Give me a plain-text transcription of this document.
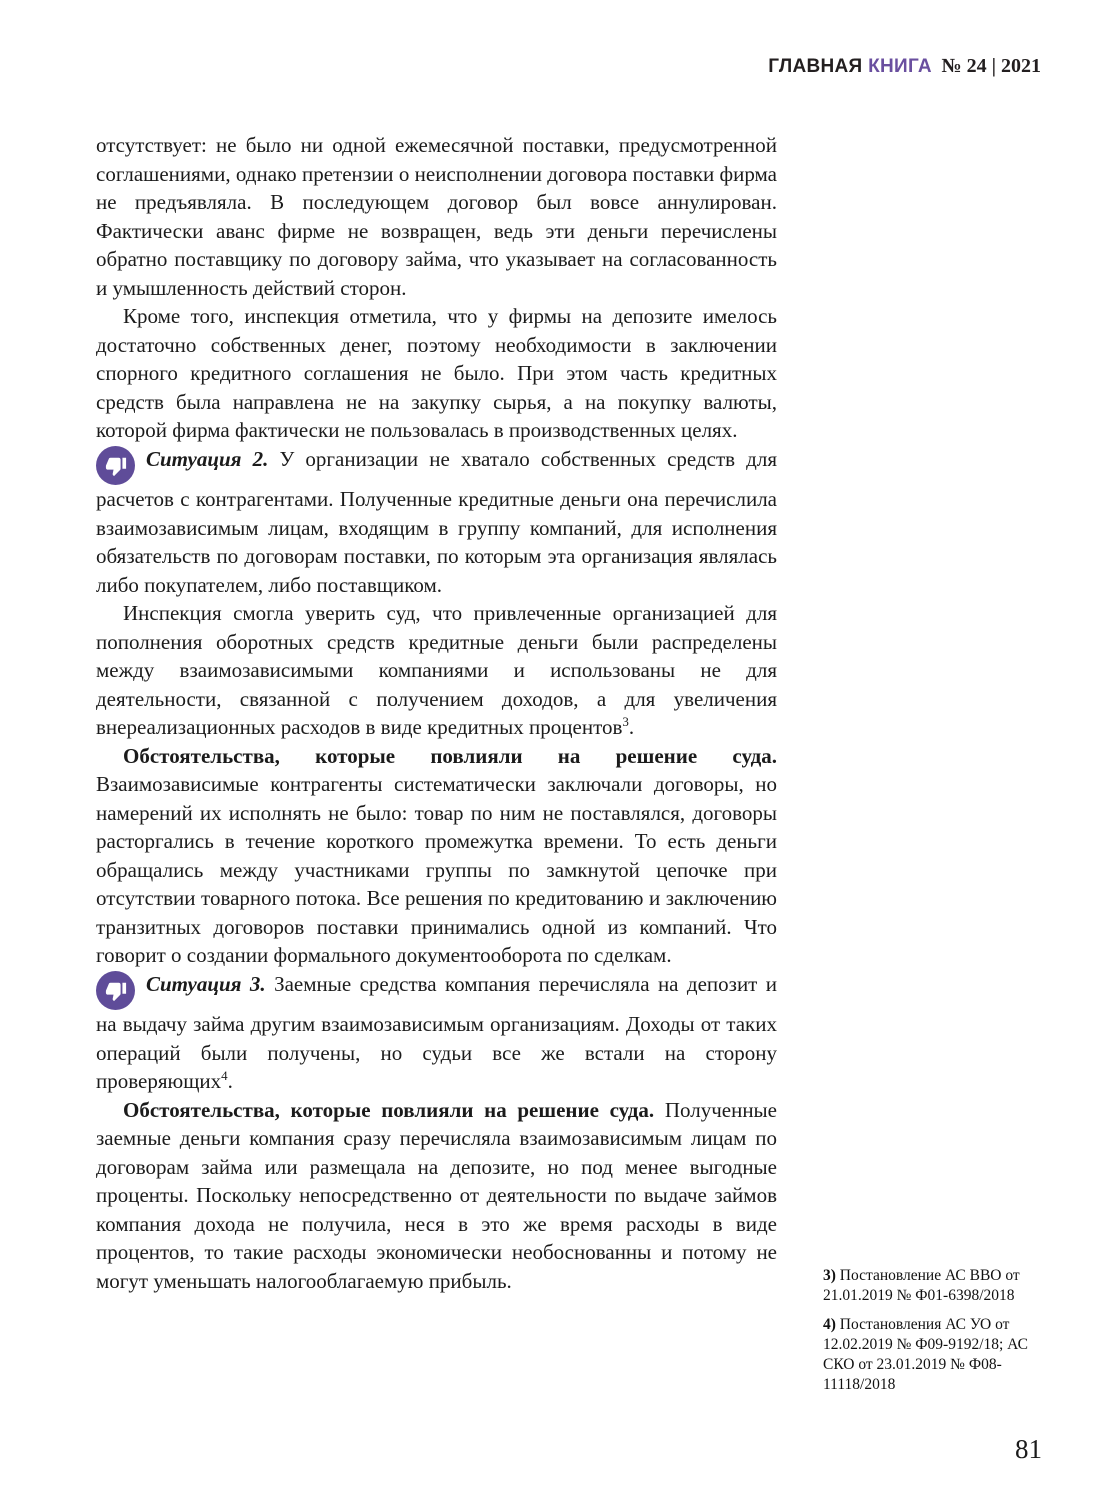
ГЛАВНАЯ КНИГА № 24 | 2021

отсутствует: не было ни одной ежемесячной поставки, предусмотренной соглашениями, однако претензии о неисполнении договора поставки фирма не предъявляла. В последующем договор был вовсе аннулирован. Фактически аванс фирме не возвращен, ведь эти деньги перечислены обратно поставщику по договору займа, что указывает на согласованность и умышленность действий сторон.

Кроме того, инспекция отметила, что у фирмы на депозите имелось достаточно собственных денег, поэтому необходимости в заключении спорного кредитного соглашения не было. При этом часть кредитных средств была направлена не на закупку сырья, а на покупку валюты, которой фирма фактически не пользовалась в производственных целях.

Ситуация 2. У организации не хватало собственных средств для расчетов с контрагентами. Полученные кредитные деньги она перечислила взаимозависимым лицам, входящим в группу компаний, для исполнения обязательств по договорам поставки, по которым эта организация являлась либо покупателем, либо поставщиком.

Инспекция смогла уверить суд, что привлеченные организацией для пополнения оборотных средств кредитные деньги были распределены между взаимозависимыми компаниями и использованы не для деятельности, связанной с получением доходов, а для увеличения внереализационных расходов в виде кредитных процентов$^3$.

Обстоятельства, которые повлияли на решение суда. Взаимозависимые контрагенты систематически заключали договоры, но намерений их исполнять не было: товар по ним не поставлялся, договоры расторгались в течение короткого промежутка времени. То есть деньги обращались между участниками группы по замкнутой цепочке при отсутствии товарного потока. Все решения по кредитованию и заключению транзитных договоров поставки принимались одной из компаний. Что говорит о создании формального документооборота по сделкам.

Ситуация 3. Заемные средства компания перечисляла на депозит и на выдачу займа другим взаимозависимым организациям. Доходы от таких операций были получены, но судьи все же встали на сторону проверяющих$^4$.

Обстоятельства, которые повлияли на решение суда. Полученные заемные деньги компания сразу перечисляла взаимозависимым лицам по договорам займа или размещала на депозите, но под менее выгодные проценты. Поскольку непосредственно от деятельности по выдаче займов компания дохода не получила, неся в это же время расходы в виде процентов, то такие расходы экономически необоснованны и потому не могут уменьшать налогооблагаемую прибыль.	3) Постановление АС ВВО от 21.01.2019 № Ф01-6398/2018

4) Постановления АС УО от 12.02.2019 № Ф09-9192/18; АС СКО от 23.01.2019 № Ф08-11118/2018

81
